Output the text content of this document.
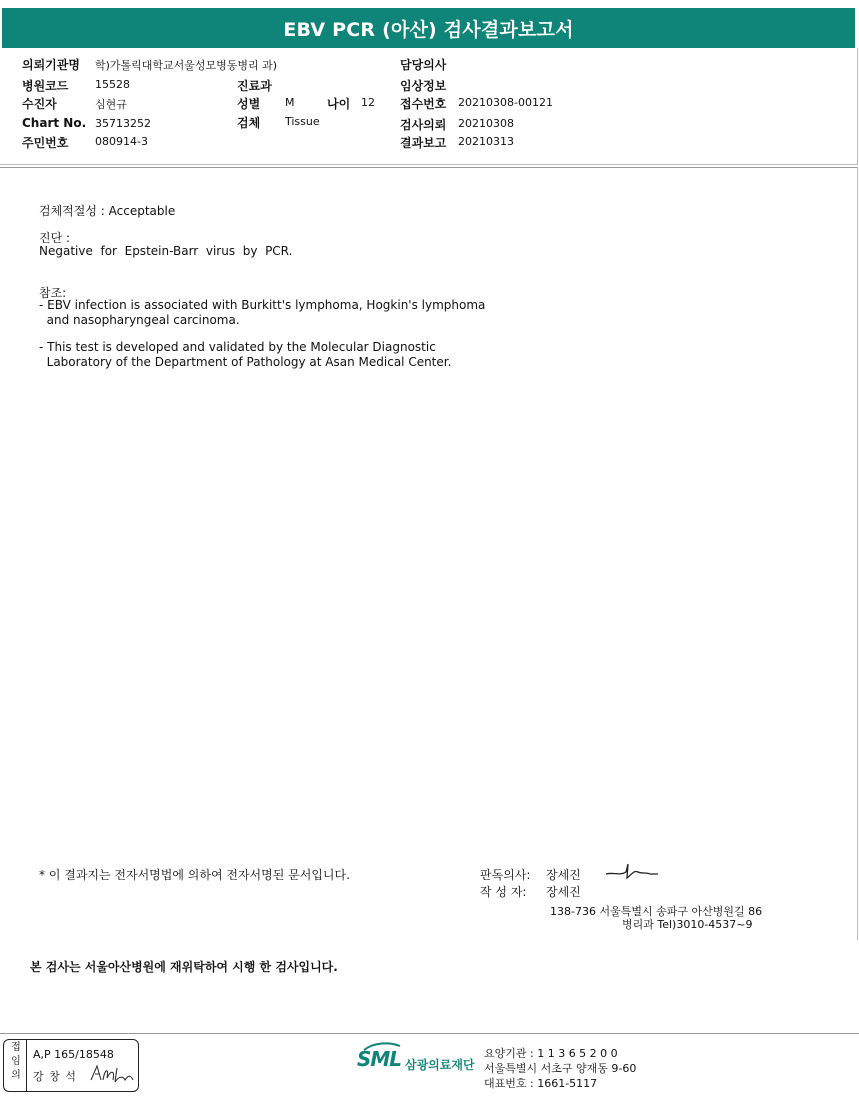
EBV PCR (아산) 검사결과보고서
의뢰기관명 학)가톨릭대학교서울성모병동병리 과)
병원코드 15528
수진자	심현규
Chart No. 35713252
주민번호 080914-3
진료과
성별 M	나이 12
검체 Tissue
담당의사
임상정보
접수번호 20210308-00121
검사의뢰 20210308
결과보고 20210313
검체적절성 : Acceptable
진단 :
Negative  for  Epstein-Barr  virus  by  PCR.
참조:
- EBV infection is associated with Burkitt's lymphoma, Hogkin's lymphoma
and nasopharyngeal carcinoma.
- This test is developed and validated by the Molecular Diagnostic
Laboratory of the Department of Pathology at Asan Medical Center.
* 이 결과지는 전자서명법에 의하여 전자서명된 문서입니다.	판독의사: 장세진
작 성 자: 장세진
138-736 서울특별시 송파구 아산병원길 86
병리과 Tel)3010-4537~9
본 검사는 서울아산병원에 재위탁하여 시행 한 검사입니다.
접 임 의
A,P 165/18548
강 창 석
SML 삼광의료재단
요양기관 : 1 1 3 6 5 2 0 0
서울특별시 서초구 양재동 9-60
대표번호 : 1661-5117
